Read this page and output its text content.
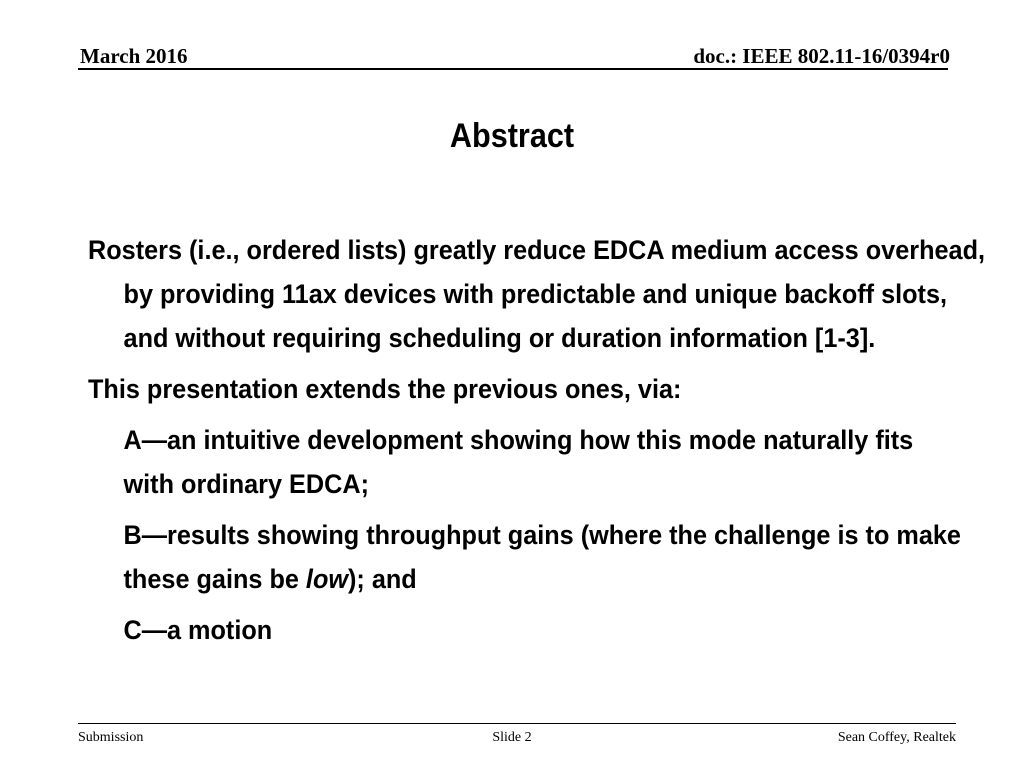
March 2016	doc.: IEEE 802.11-16/0394r0
Abstract

Rosters (i.e., ordered lists) greatly reduce EDCA medium access overhead, by providing 11ax devices with predictable and unique backoff slots, and without requiring scheduling or duration information [1-3].

This presentation extends the previous ones, via:

A—an intuitive development showing how this mode naturally fits with ordinary EDCA;

B—results showing throughput gains (where the challenge is to make these gains be low); and

C—a motion

Submission	Slide 2	Sean Coffey, Realtek
